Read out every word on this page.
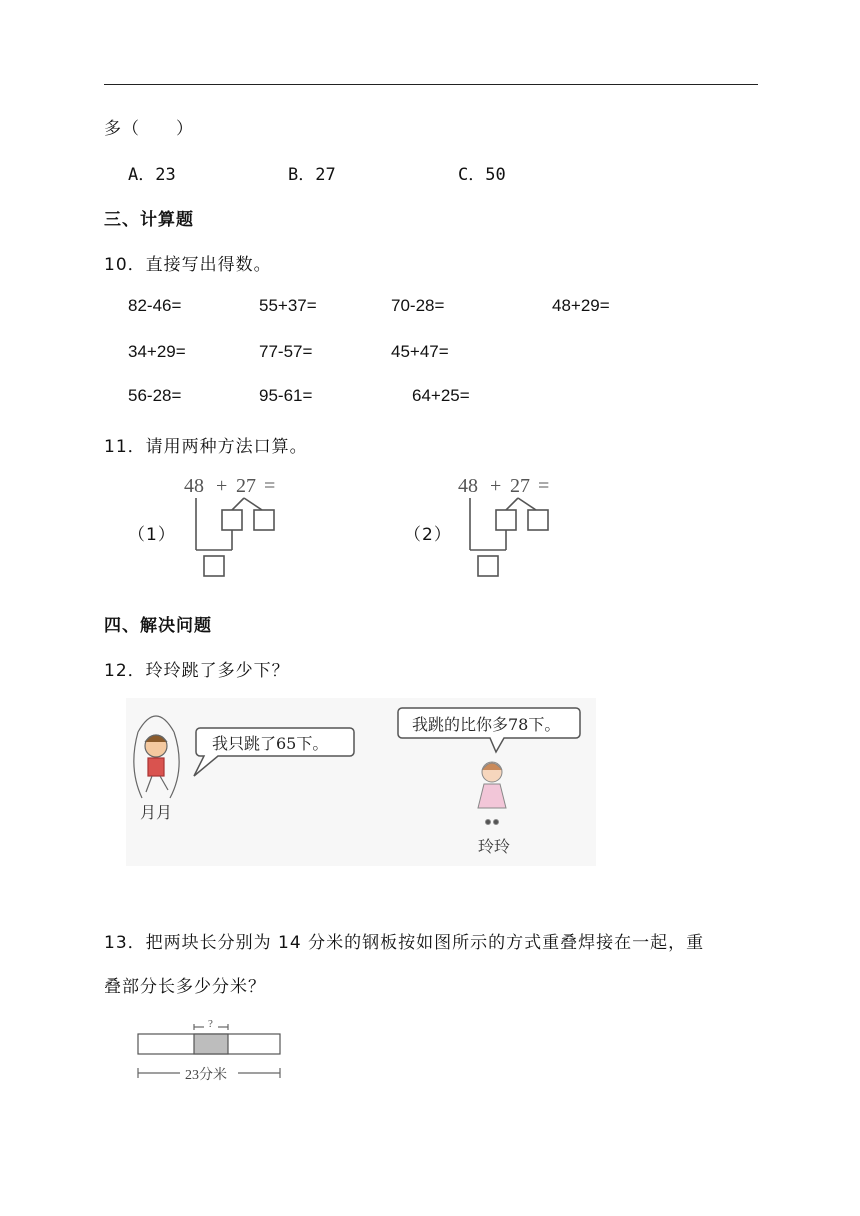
多（　　）
A．23	B．27	C．50
三、计算题
10．直接写出得数。
82-46=	55+37=	70-28=	48+29=
34+29=	77-57=	45+47=
56-28=	95-61=	64+25=
11．请用两种方法口算。
（1）	（2）
48 + 27 =	48 + 27 =
四、解决问题
12．玲玲跳了多少下？
月月
我只跳了65下。
我跳的比你多78下。
玲玲
13．把两块长分别为 14 分米的钢板按如图所示的方式重叠焊接在一起，重
叠部分长多少分米？
?
23分米
